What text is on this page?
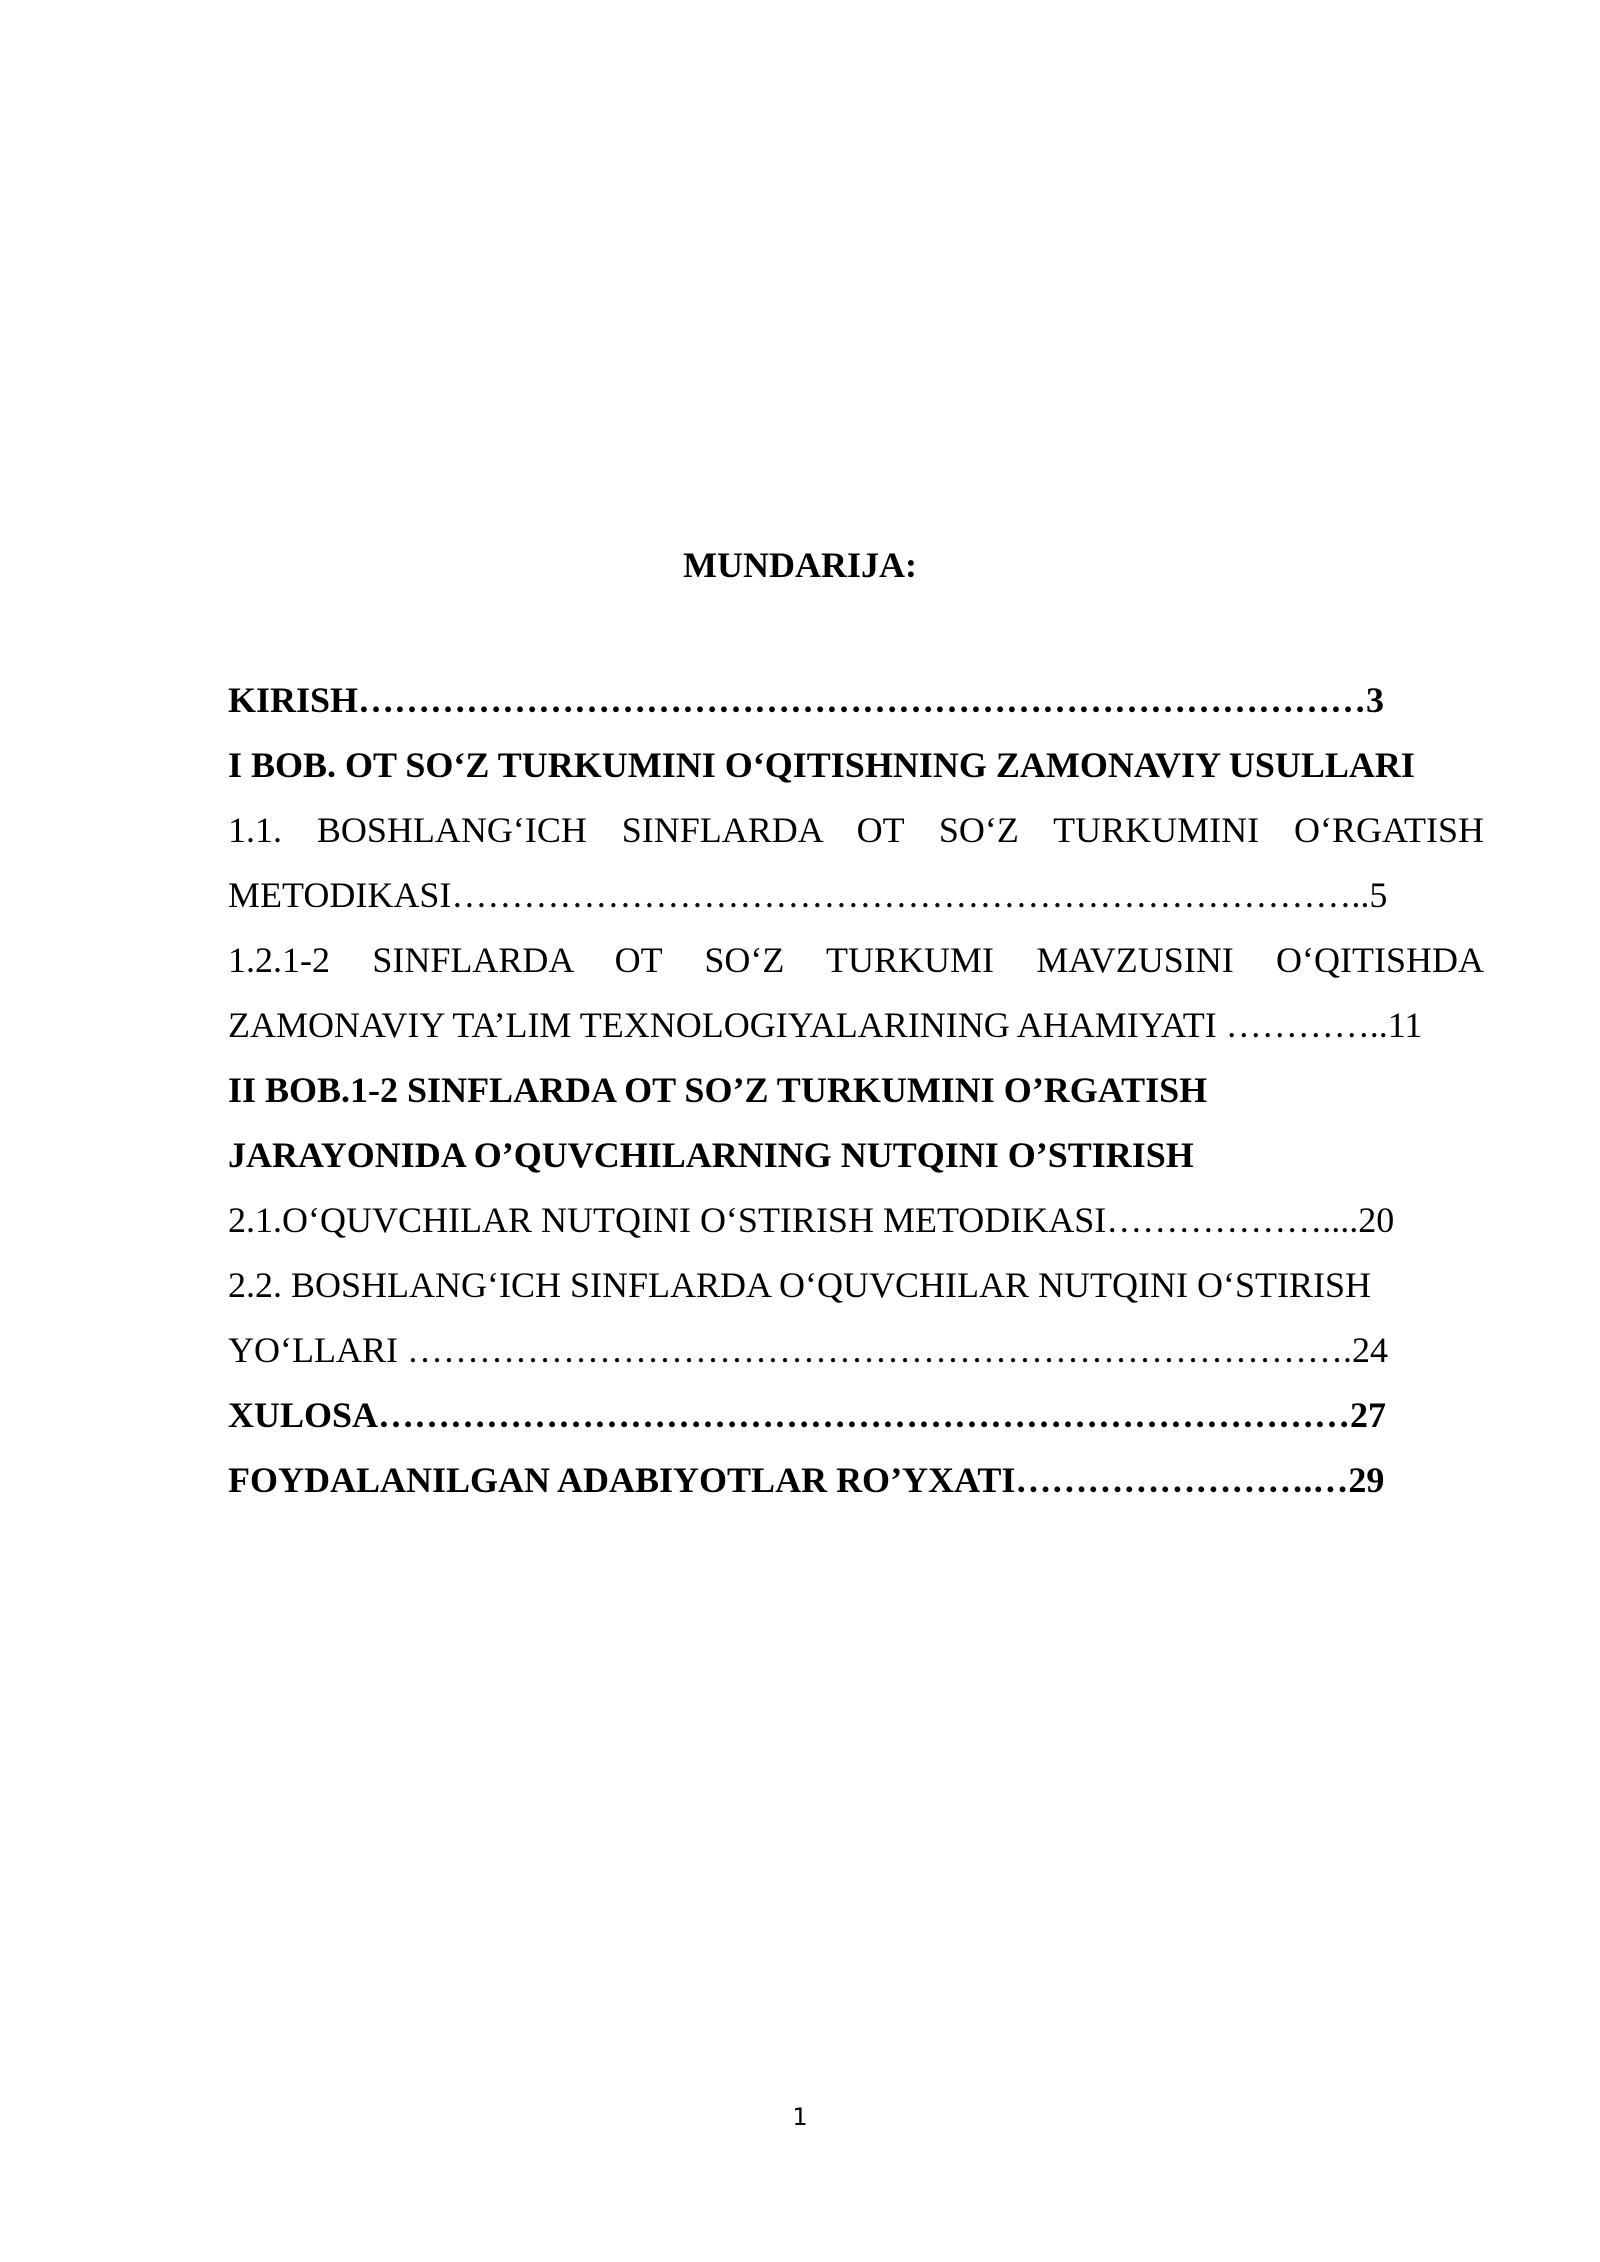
MUNDARIJA:
KIRISH…………………………………………………………………………3
I BOB. OT SO‘Z TURKUMINI O‘QITISHNING ZAMONAVIY USULLARI
1.1. BOSHLANG‘ICH SINFLARDA OT SO‘Z TURKUMINI O‘RGATISH
METODIKASI…………………………………………………………………..5
1.2.1-2 SINFLARDA OT SO‘Z TURKUMI MAVZUSINI O‘QITISHDA
ZAMONAVIY TA’LIM TEXNOLOGIYALARINING AHAMIYATI …………..11
II BOB.1-2 SINFLARDA OT SO’Z TURKUMINI O’RGATISH
JARAYONIDA O’QUVCHILARNING NUTQINI O’STIRISH
2.1.O‘QUVCHILAR NUTQINI O‘STIRISH METODIKASI………………....20
2.2. BOSHLANG‘ICH SINFLARDA O‘QUVCHILAR NUTQINI O‘STIRISH
YO‘LLARI …………………………………………………………………….24
XULOSA………………………………………………………………………27
FOYDALANILGAN ADABIYOTLAR RO’YXATI…………………….…29
1
